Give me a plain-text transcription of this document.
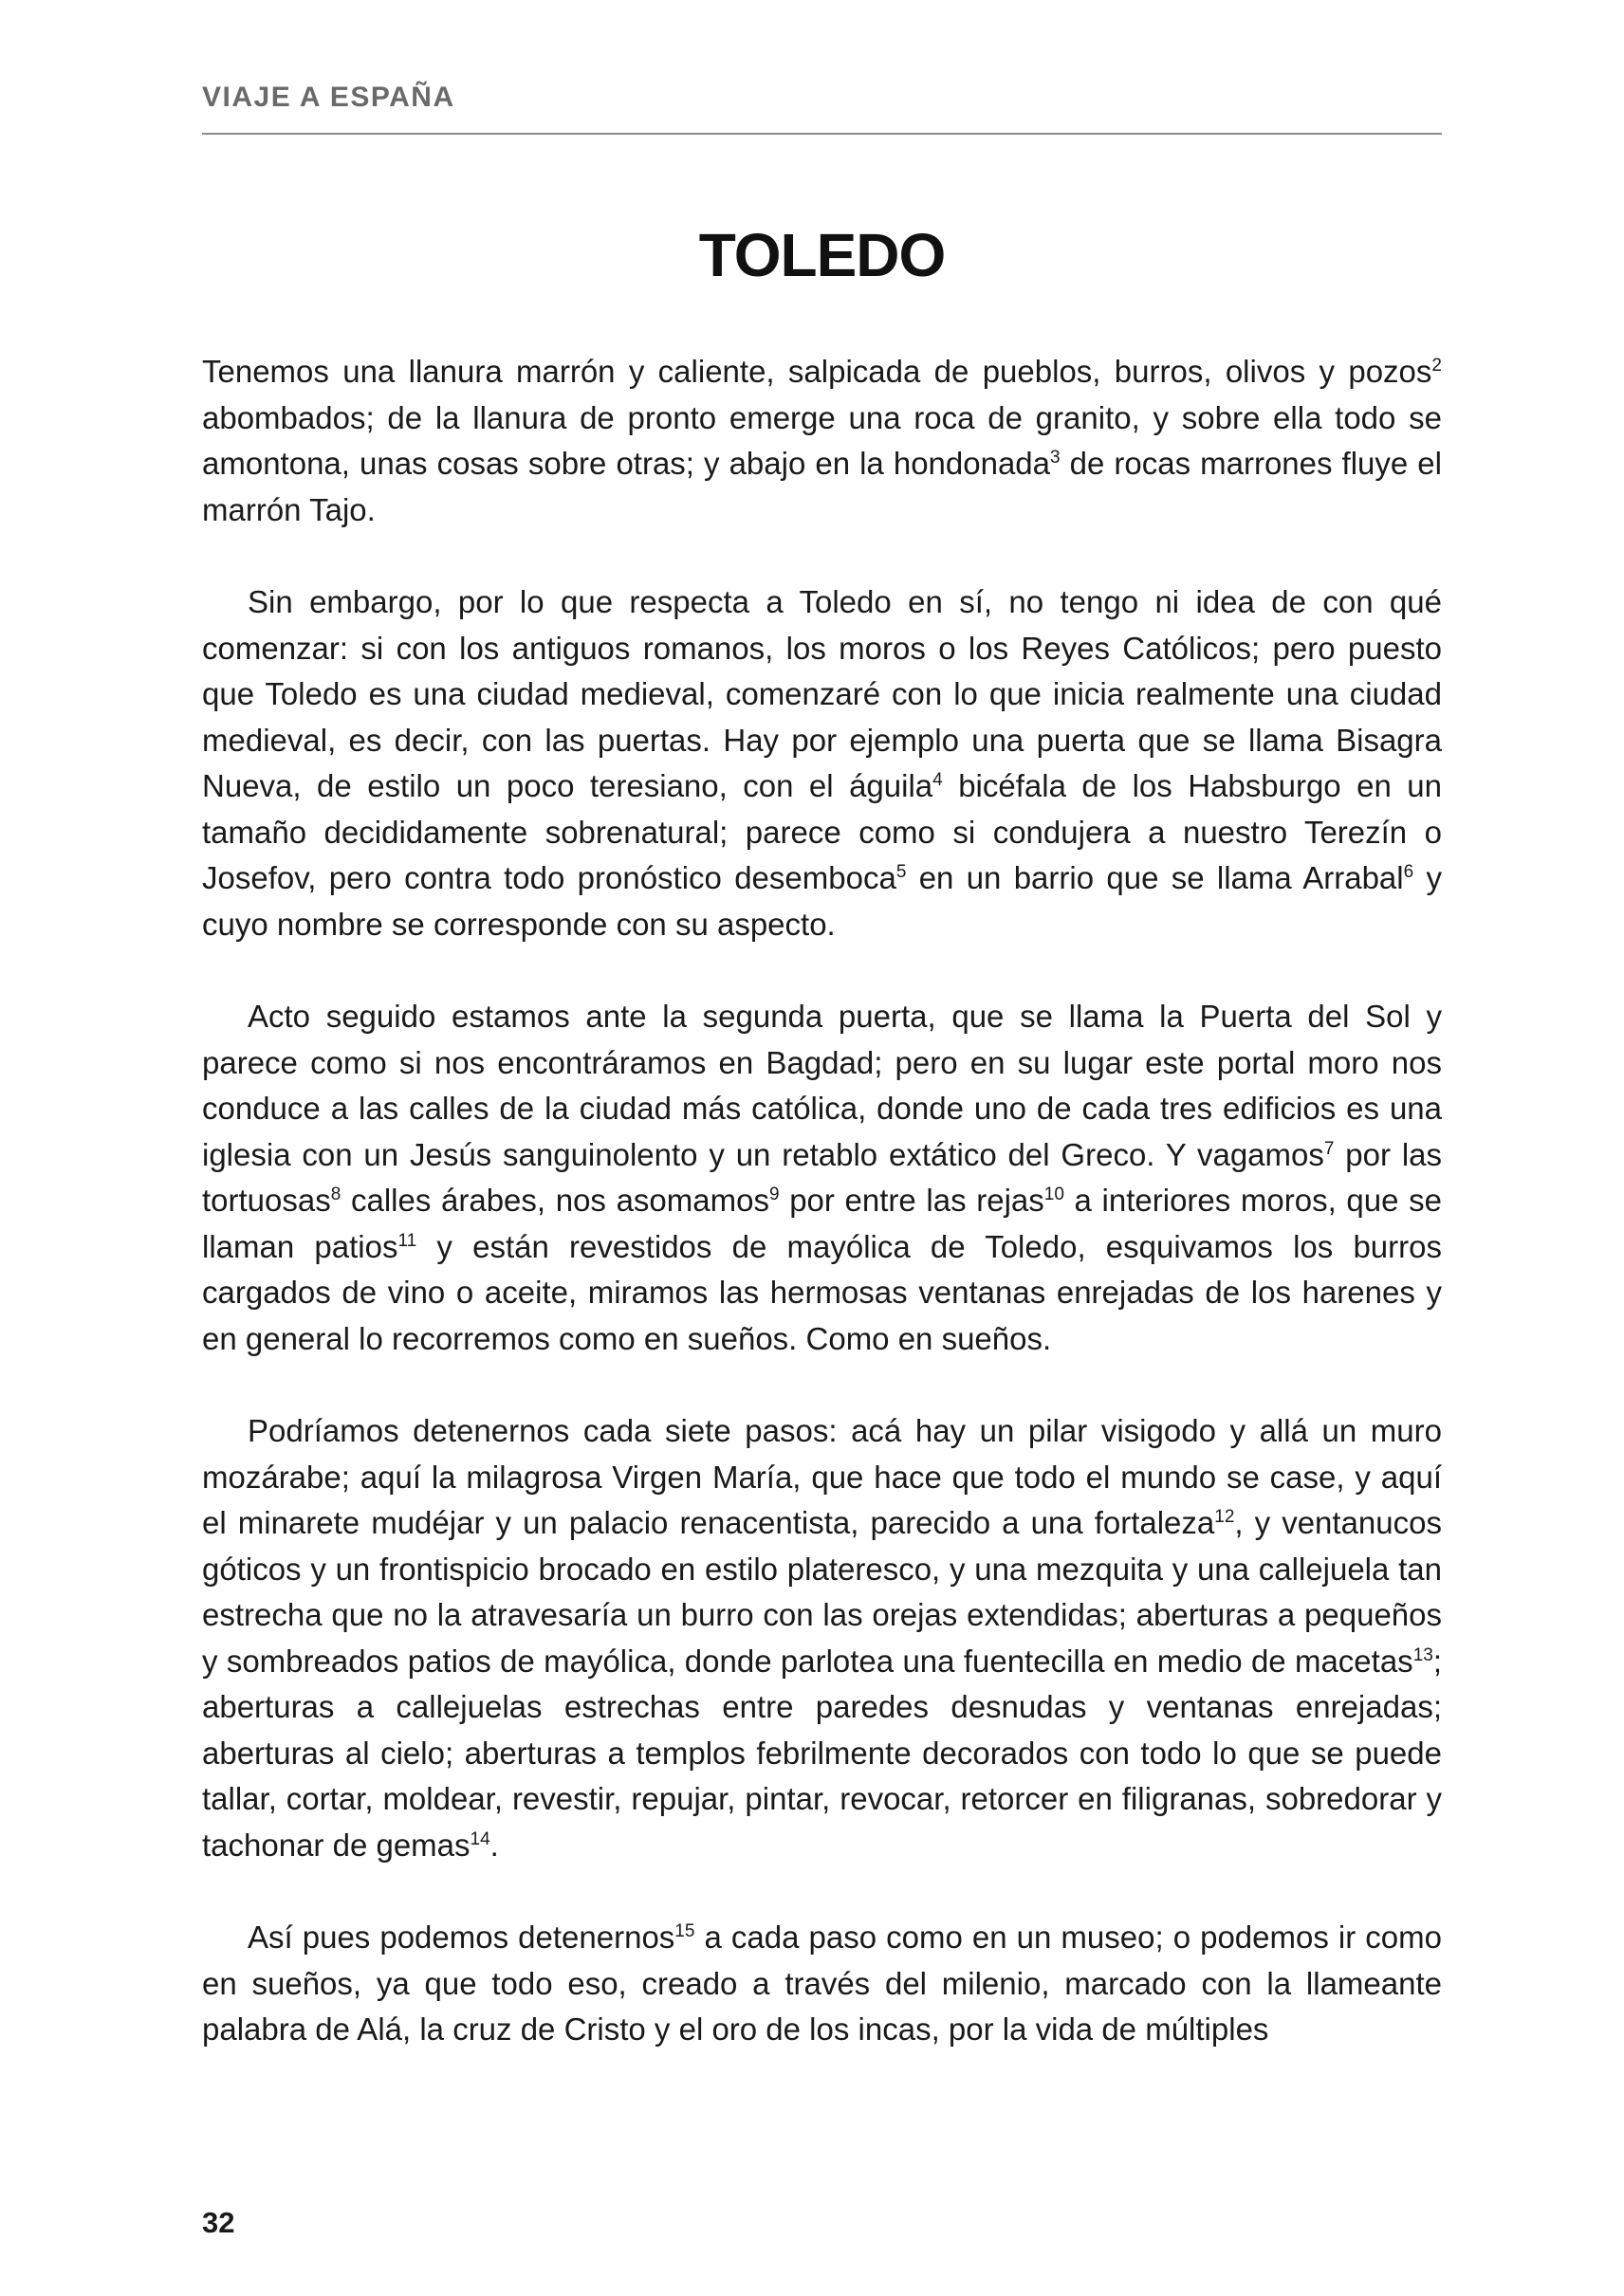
VIAJE A ESPAÑA
TOLEDO

Tenemos una llanura marrón y caliente, salpicada de pueblos, burros, olivos y pozos$^2$ abombados; de la llanura de pronto emerge una roca de granito, y sobre ella todo se amontona, unas cosas sobre otras; y abajo en la hondonada$^3$ de rocas marrones fluye el marrón Tajo.

Sin embargo, por lo que respecta a Toledo en sí, no tengo ni idea de con qué comenzar: si con los antiguos romanos, los moros o los Reyes Católicos; pero puesto que Toledo es una ciudad medieval, comenzaré con lo que inicia realmente una ciudad medieval, es decir, con las puertas. Hay por ejemplo una puerta que se llama Bisagra Nueva, de estilo un poco teresiano, con el águila$^4$ bicéfala de los Habsburgo en un tamaño decididamente sobrenatural; parece como si condujera a nuestro Terezín o Josefov, pero contra todo pronóstico desemboca$^5$ en un barrio que se llama Arrabal$^6$ y cuyo nombre se corresponde con su aspecto.

Acto seguido estamos ante la segunda puerta, que se llama la Puerta del Sol y parece como si nos encontráramos en Bagdad; pero en su lugar este portal moro nos conduce a las calles de la ciudad más católica, donde uno de cada tres edificios es una iglesia con un Jesús sanguinolento y un retablo extático del Greco. Y vagamos$^7$ por las tortuosas$^8$ calles árabes, nos asomamos$^9$ por entre las rejas$^{10}$ a interiores moros, que se llaman patios$^{11}$ y están revestidos de mayólica de Toledo, esquivamos los burros cargados de vino o aceite, miramos las hermosas ventanas enrejadas de los harenes y en general lo recorremos como en sueños. Como en sueños.

Podríamos detenernos cada siete pasos: acá hay un pilar visigodo y allá un muro mozárabe; aquí la milagrosa Virgen María, que hace que todo el mundo se case, y aquí el minarete mudéjar y un palacio renacentista, parecido a una fortaleza$^{12}$, y ventanucos góticos y un frontispicio brocado en estilo plateresco, y una mezquita y una callejuela tan estrecha que no la atravesaría un burro con las orejas extendidas; aberturas a pequeños y sombreados patios de mayólica, donde parlotea una fuentecilla en medio de macetas$^{13}$; aberturas a callejuelas estrechas entre paredes desnudas y ventanas enrejadas; aberturas al cielo; aberturas a templos febrilmente decorados con todo lo que se puede tallar, cortar, moldear, revestir, repujar, pintar, revocar, retorcer en filigranas, sobredorar y tachonar de gemas$^{14}$.

Así pues podemos detenernos$^{15}$ a cada paso como en un museo; o podemos ir como en sueños, ya que todo eso, creado a través del milenio, marcado con la llameante palabra de Alá, la cruz de Cristo y el oro de los incas, por la vida de múltiples

32
